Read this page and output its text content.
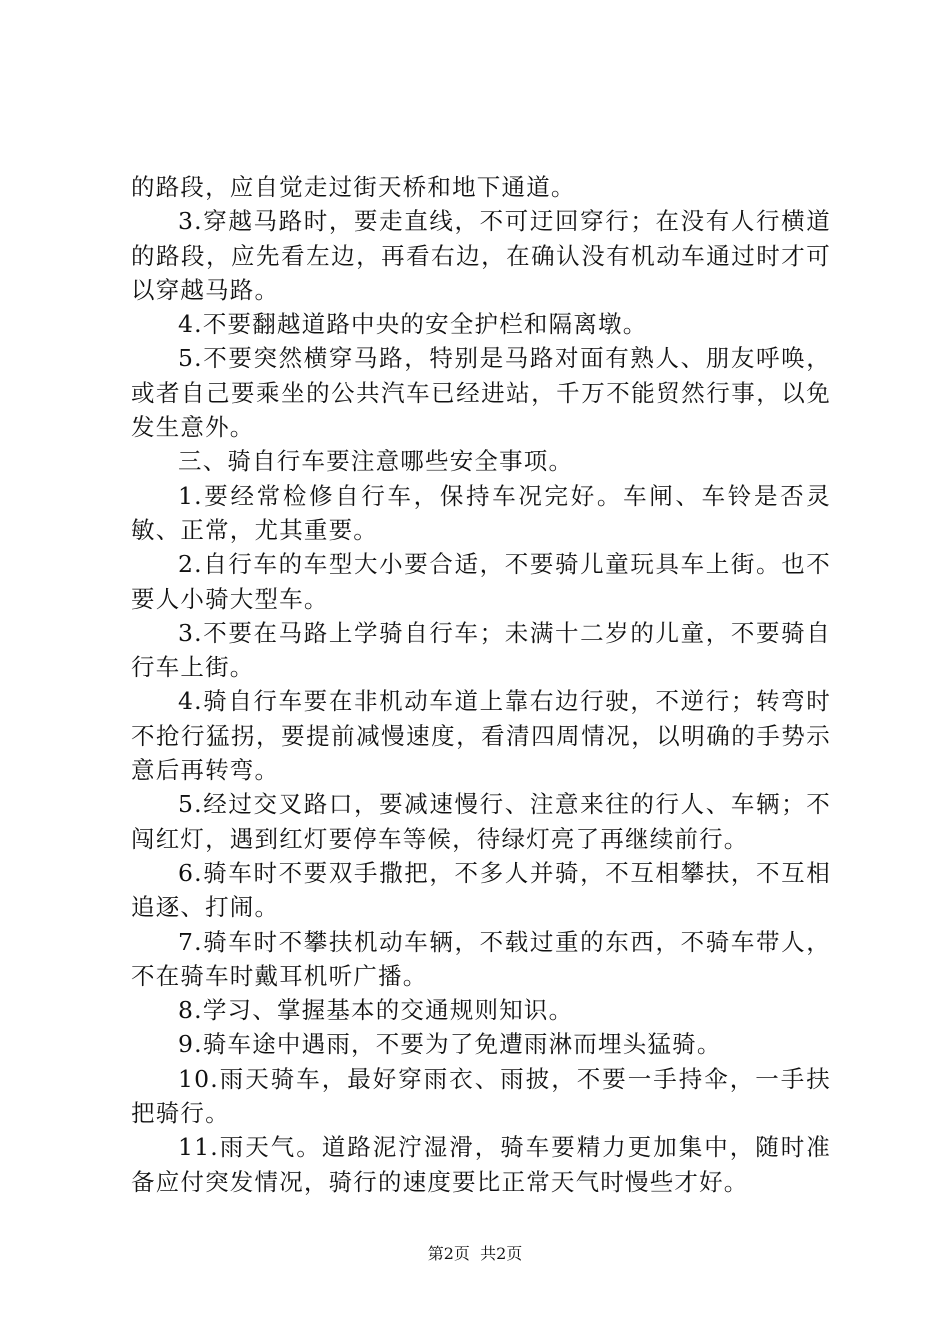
的路段，应自觉走过街天桥和地下通道。

3.穿越马路时，要走直线，不可迂回穿行；在没有人行横道的路段，应先看左边，再看右边，在确认没有机动车通过时才可以穿越马路。

4.不要翻越道路中央的安全护栏和隔离墩。

5.不要突然横穿马路，特别是马路对面有熟人、朋友呼唤，或者自己要乘坐的公共汽车已经进站，千万不能贸然行事，以免发生意外。

三、骑自行车要注意哪些安全事项。

1.要经常检修自行车，保持车况完好。车闸、车铃是否灵敏、正常，尤其重要。

2.自行车的车型大小要合适，不要骑儿童玩具车上街。也不要人小骑大型车。

3.不要在马路上学骑自行车；未满十二岁的儿童，不要骑自行车上街。

4.骑自行车要在非机动车道上靠右边行驶，不逆行；转弯时不抢行猛拐，要提前减慢速度，看清四周情况，以明确的手势示意后再转弯。

5.经过交叉路口，要减速慢行、注意来往的行人、车辆；不闯红灯，遇到红灯要停车等候，待绿灯亮了再继续前行。

6.骑车时不要双手撒把，不多人并骑，不互相攀扶，不互相追逐、打闹。

7.骑车时不攀扶机动车辆，不载过重的东西，不骑车带人，不在骑车时戴耳机听广播。

8.学习、掌握基本的交通规则知识。

9.骑车途中遇雨，不要为了免遭雨淋而埋头猛骑。

10.雨天骑车，最好穿雨衣、雨披，不要一手持伞，一手扶把骑行。

11.雨天气。道路泥泞湿滑，骑车要精力更加集中，随时准备应付突发情况，骑行的速度要比正常天气时慢些才好。

第2页  共2页
